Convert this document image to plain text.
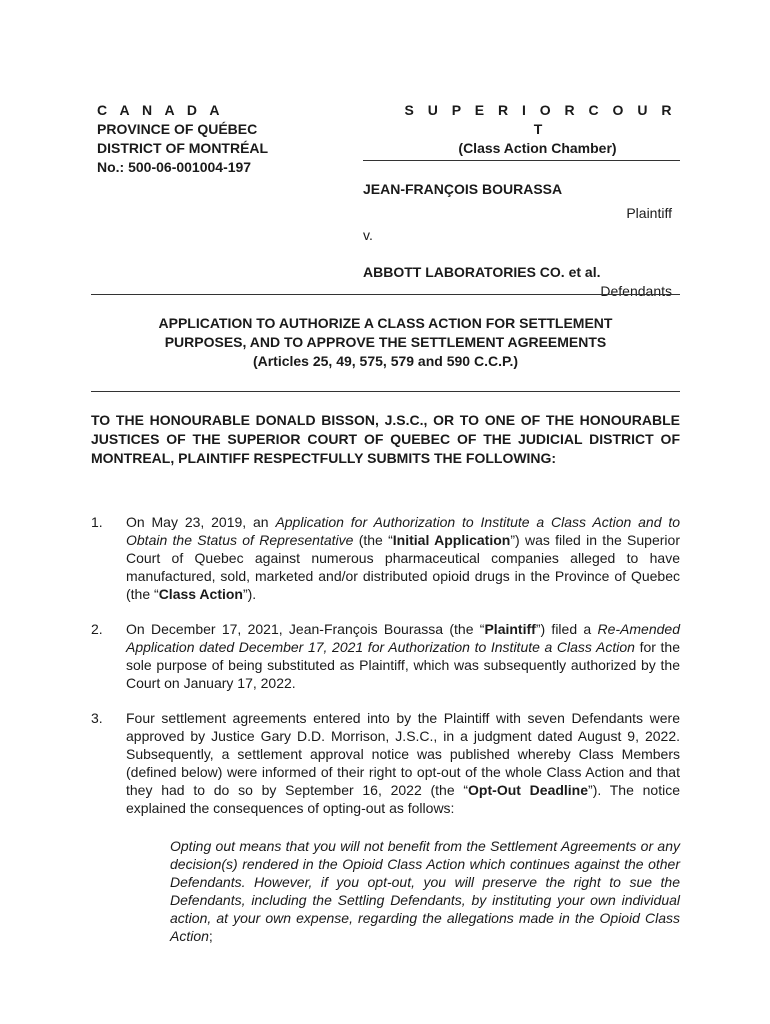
C A N A D A
PROVINCE OF QUÉBEC
DISTRICT OF MONTRÉAL
No.: 500-06-001004-197
S U P E R I O R C O U R T
(Class Action Chamber)
JEAN-FRANÇOIS BOURASSA
Plaintiff
v.
ABBOTT LABORATORIES CO. et al.
Defendants
APPLICATION TO AUTHORIZE A CLASS ACTION FOR SETTLEMENT
PURPOSES, AND TO APPROVE THE SETTLEMENT AGREEMENTS
(Articles 25, 49, 575, 579 and 590 C.C.P.)
TO THE HONOURABLE DONALD BISSON, J.S.C., OR TO ONE OF THE HONOURABLE JUSTICES OF THE SUPERIOR COURT OF QUEBEC OF THE JUDICIAL DISTRICT OF MONTREAL, PLAINTIFF RESPECTFULLY SUBMITS THE FOLLOWING:
1. On May 23, 2019, an Application for Authorization to Institute a Class Action and to Obtain the Status of Representative (the “Initial Application”) was filed in the Superior Court of Quebec against numerous pharmaceutical companies alleged to have manufactured, sold, marketed and/or distributed opioid drugs in the Province of Quebec (the “Class Action”).
2. On December 17, 2021, Jean-François Bourassa (the “Plaintiff”) filed a Re-Amended Application dated December 17, 2021 for Authorization to Institute a Class Action for the sole purpose of being substituted as Plaintiff, which was subsequently authorized by the Court on January 17, 2022.
3. Four settlement agreements entered into by the Plaintiff with seven Defendants were approved by Justice Gary D.D. Morrison, J.S.C., in a judgment dated August 9, 2022. Subsequently, a settlement approval notice was published whereby Class Members (defined below) were informed of their right to opt-out of the whole Class Action and that they had to do so by September 16, 2022 (the “Opt-Out Deadline”). The notice explained the consequences of opting-out as follows:
Opting out means that you will not benefit from the Settlement Agreements or any decision(s) rendered in the Opioid Class Action which continues against the other Defendants. However, if you opt-out, you will preserve the right to sue the Defendants, including the Settling Defendants, by instituting your own individual action, at your own expense, regarding the allegations made in the Opioid Class Action;
